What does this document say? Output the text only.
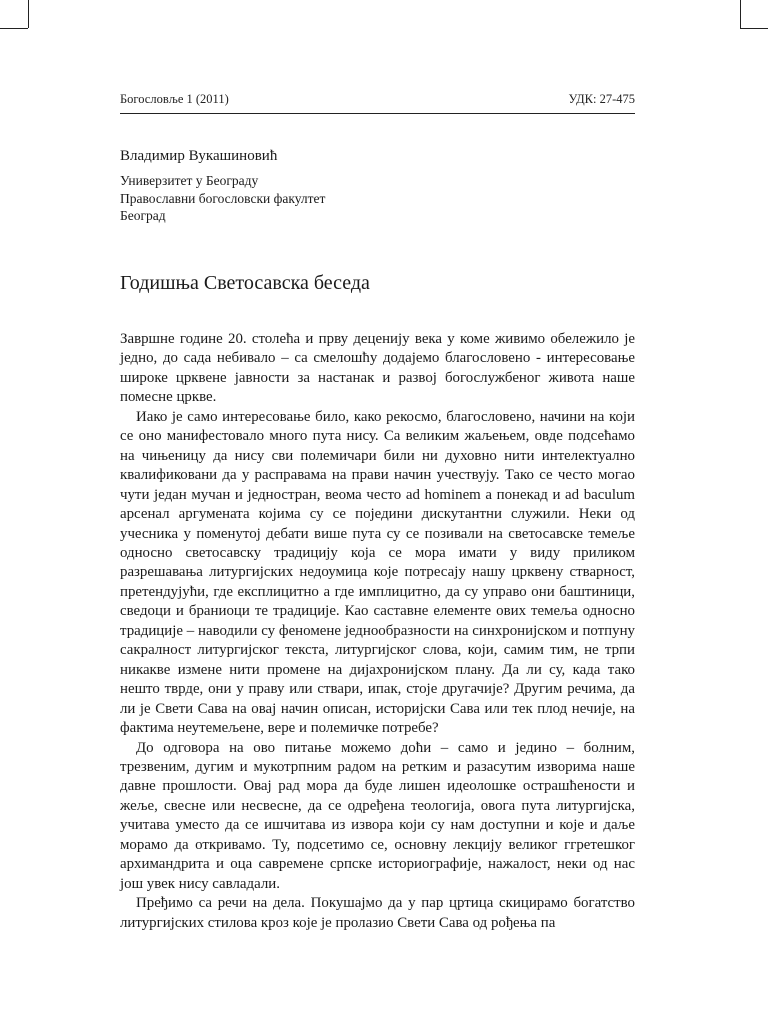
Богословље 1 (2011)	УДК: 27-475
Владимир Вукашиновић
Универзитет у Београду
Православни богословски факултет
Београд
Годишња Светосавска беседа

Завршне године 20. столећа и прву деценију века у коме живимо обележило је једно, до сада небивало – са смелошћу додајемо благословено - интересовање широке црквене јавности за настанак и развој богослужбеног живота наше помесне цркве.

Иако је само интересовање било, како рекосмо, благословено, начини на који се оно манифестовало много пута нису. Са великим жаљењем, овде подсећамо на чињеницу да нису сви полемичари били ни духовно нити интелектуално квалификовани да у расправама на прави начин учествују. Тако се често могао чути један мучан и једностран, веома често ad hominem а понекад и ad baculum арсенал аргумената којима су се поједини дискутантни служили. Неки од учесника у поменутој дебати више пута су се позивали на светосавске темеље односно светосавску традицију која се мора имати у виду приликом разрешавања литургијских недоумица које потресају нашу црквену стварност, претендујући, где експлицитно а где имплицитно, да су управо они баштиници, сведоци и браниоци те традиције. Као саставне елементе ових темеља односно традиције – наводили су феномене једнообразности на синхронијском и потпуну сакралност литургијског текста, литургијског слова, који, самим тим, не трпи никакве измене нити промене на дијахронијском плану. Да ли су, када тако нешто тврде, они у праву или ствари, ипак, стоје другачије? Другим речима, да ли је Свети Сава на овај начин описан, историјски Сава или тек плод нечије, на фактима неутемељене, вере и полемичке потребе?

До одговора на ово питање можемо доћи – само и једино – болним, трезвеним, дугим и мукотрпним радом на ретким и разасутим изворима наше давне прошлости. Овај рад мора да буде лишен идеолошке острашћености и жеље, свесне или несвесне, да се одређена теологија, овога пута литургијска, учитава уместо да се ишчитава из извора који су нам доступни и које и даље морамо да откривамо. Ту, подсетимо се, основну лекцију великог ггретешког архимандрита и оца савремене српске историографије, нажалост, неки од нас још увек нису савладали.

Пређимо са речи на дела. Покушајмо да у пар цртица скицирамо богатство литургијских стилова кроз које је пролазио Свети Сава од рођења па
